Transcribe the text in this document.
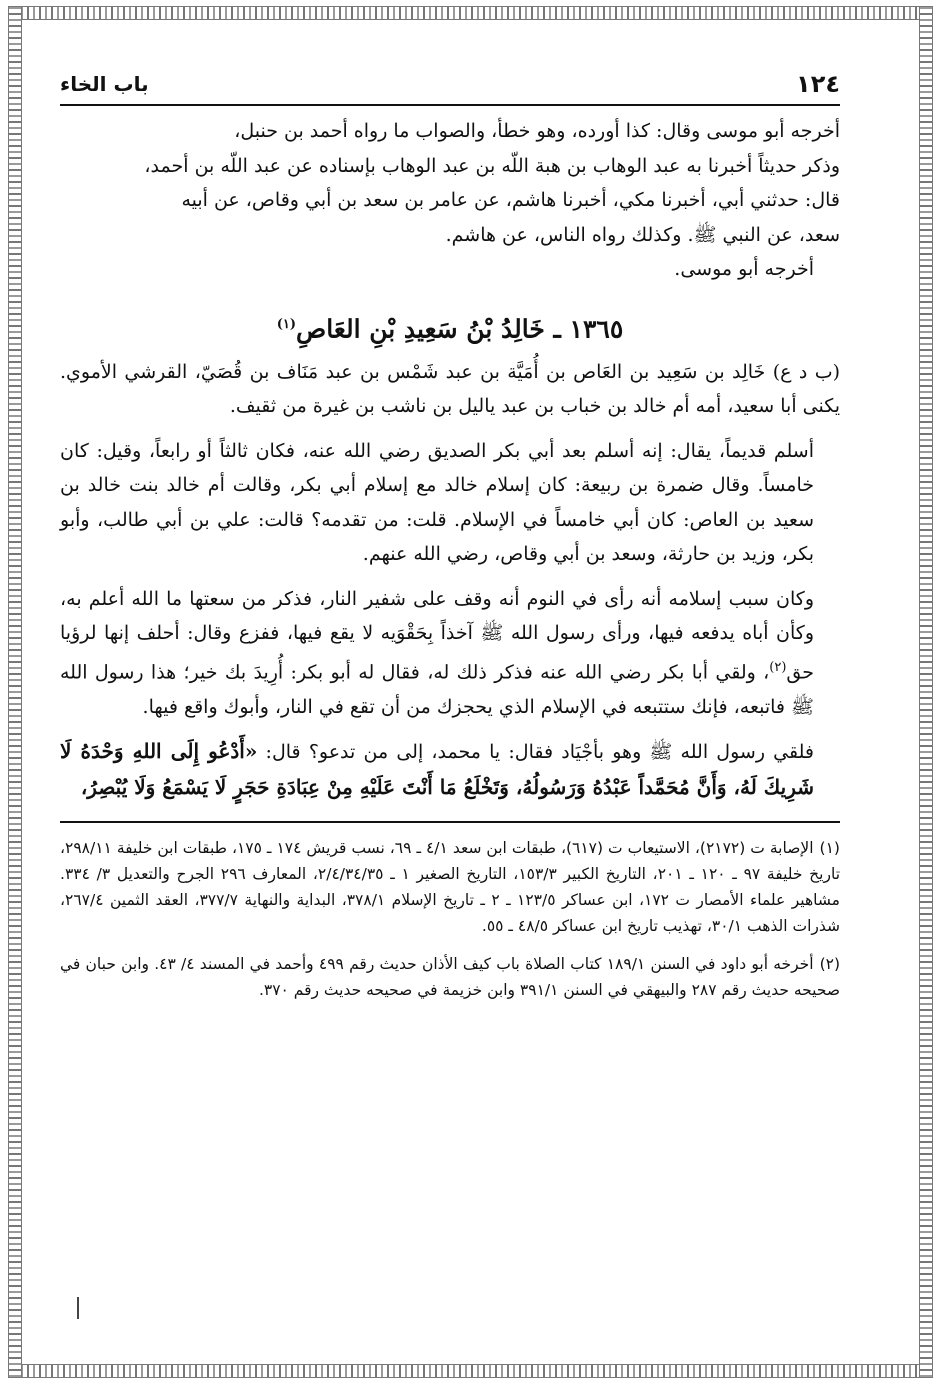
١٢٤
باب الخاء

أخرجه أبو موسى وقال: كذا أورده، وهو خطأ، والصواب ما رواه أحمد بن حنبل،

وذكر حديثاً أخبرنا به عبد الوهاب بن هبة اللّه بن عبد الوهاب بإسناده عن عبد اللّه بن أحمد،

قال: حدثني أبي، أخبرنا مكي، أخبرنا هاشم، عن عامر بن سعد بن أبي وقاص، عن أبيه

سعد، عن النبي ﷺ. وكذلك رواه الناس، عن هاشم.

أخرجه أبو موسى.

١٣٦٥ ـ خَالِدُ بْنُ سَعِيدِ بْنِ العَاصِ$^{(١)}$

(ب د ع) خَالِد بن سَعِيد بن العَاص بن أُمَيَّة بن عبد شَمْس بن عبد مَنَاف بن قُصَيّ، القرشي الأموي. يكنى أبا سعيد، أمه أم خالد بن خباب بن عبد ياليل بن ناشب بن غيرة من ثقيف.

أسلم قديماً، يقال: إنه أسلم بعد أبي بكر الصديق رضي الله عنه، فكان ثالثاً أو رابعاً، وقيل: كان خامساً. وقال ضمرة بن ربيعة: كان إسلام خالد مع إسلام أبي بكر، وقالت أم خالد بنت خالد بن سعيد بن العاص: كان أبي خامساً في الإسلام. قلت: من تقدمه؟ قالت: علي بن أبي طالب، وأبو بكر، وزيد بن حارثة، وسعد بن أبي وقاص، رضي الله عنهم.

وكان سبب إسلامه أنه رأى في النوم أنه وقف على شفير النار، فذكر من سعتها ما الله أعلم به، وكأن أباه يدفعه فيها، ورأى رسول الله ﷺ آخذاً بِحَقْوَيه لا يقع فيها، ففزع وقال: أحلف إنها لرؤيا حق$^{(٢)}$، ولقي أبا بكر رضي الله عنه فذكر ذلك له، فقال له أبو بكر: أُرِيدَ بك خير؛ هذا رسول الله ﷺ فاتبعه، فإنك ستتبعه في الإسلام الذي يحجزك من أن تقع في النار، وأبوك واقع فيها.

فلقي رسول الله ﷺ وهو بأجْيَاد فقال: يا محمد، إلى من تدعو؟ قال: «أَدْعُو إِلَى اللهِ وَحْدَهُ لَا شَرِيكَ لَهُ، وَأَنَّ مُحَمَّداً عَبْدُهُ وَرَسُولُهُ، وَتَخْلَعُ مَا أَنْتَ عَلَيْهِ مِنْ عِبَادَةِ حَجَرٍ لَا يَسْمَعُ وَلَا يُبْصِرُ،

(١)الإصابة ت (٢١٧٢)، الاستيعاب ت (٦١٧)، طبقات ابن سعد ٤/١ ـ ٦٩، نسب قريش ١٧٤ ـ ١٧٥، طبقات ابن خليفة ٢٩٨/١١، تاريخ خليفة ٩٧ ـ ١٢٠ ـ ٢٠١، التاريخ الكبير ١٥٣/٣، التاريخ الصغير ١ ـ ٢/٤/٣٤/٣٥، المعارف ٢٩٦ الجرح والتعديل ٣/ ٣٣٤. مشاهير علماء الأمصار ت ١٧٢، ابن عساكر ١٢٣/٥ ـ ٢ ـ تاريخ الإسلام ٣٧٨/١، البداية والنهاية ٣٧٧/٧، العقد الثمين ٢٦٧/٤، شذرات الذهب ٣٠/١، تهذيب تاريخ ابن عساكر ٤٨/٥ ـ ٥٥.

(٢)أخرخه أبو داود في السنن ١٨٩/١ كتاب الصلاة باب كيف الأذان حديث رقم ٤٩٩ وأحمد في المسند ٤/ ٤٣. وابن حبان في صحيحه حديث رقم ٢٨٧ والبيهقي في السنن ٣٩١/١ وابن خزيمة في صحيحه حديث رقم ٣٧٠.
